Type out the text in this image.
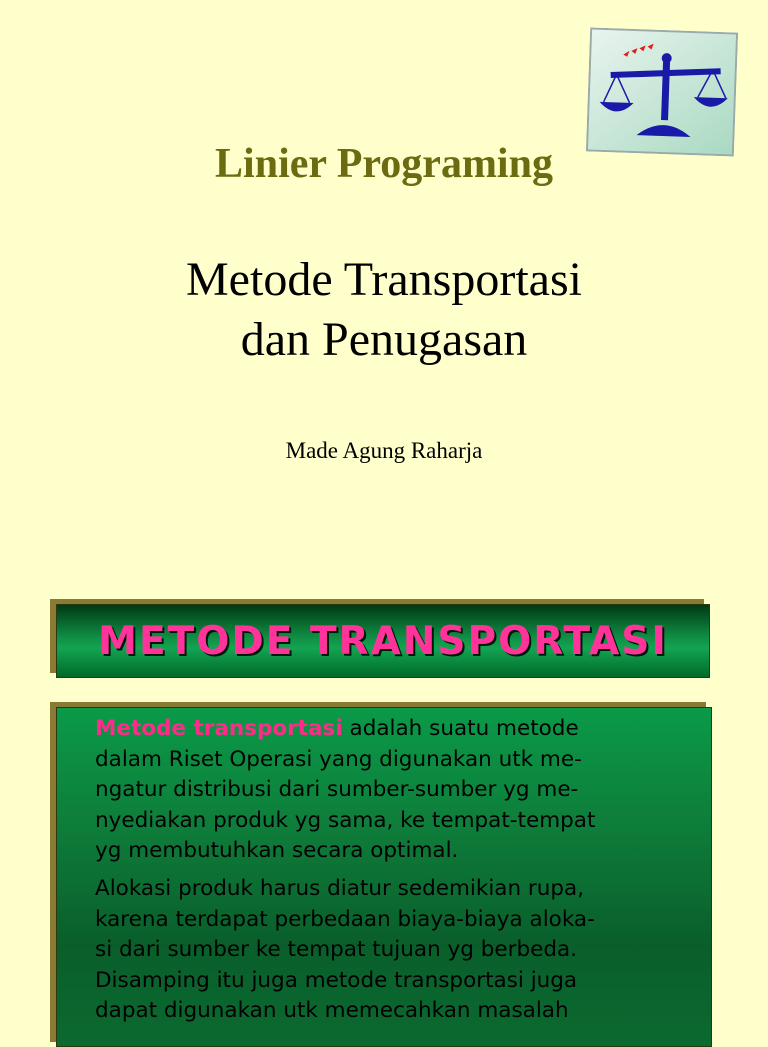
Linier Programing
Metode Transportasi
dan Penugasan
Made Agung Raharja
METODE TRANSPORTASI

Metode transportasi adalah suatu metode
dalam Riset Operasi yang digunakan utk me-
ngatur distribusi dari sumber-sumber yg me-
nyediakan produk yg sama, ke tempat-tempat
yg membutuhkan secara optimal.

Alokasi produk harus diatur sedemikian rupa,
karena terdapat perbedaan biaya-biaya aloka-
si dari sumber ke tempat tujuan yg berbeda.
Disamping itu juga metode transportasi juga
dapat digunakan utk memecahkan masalah
